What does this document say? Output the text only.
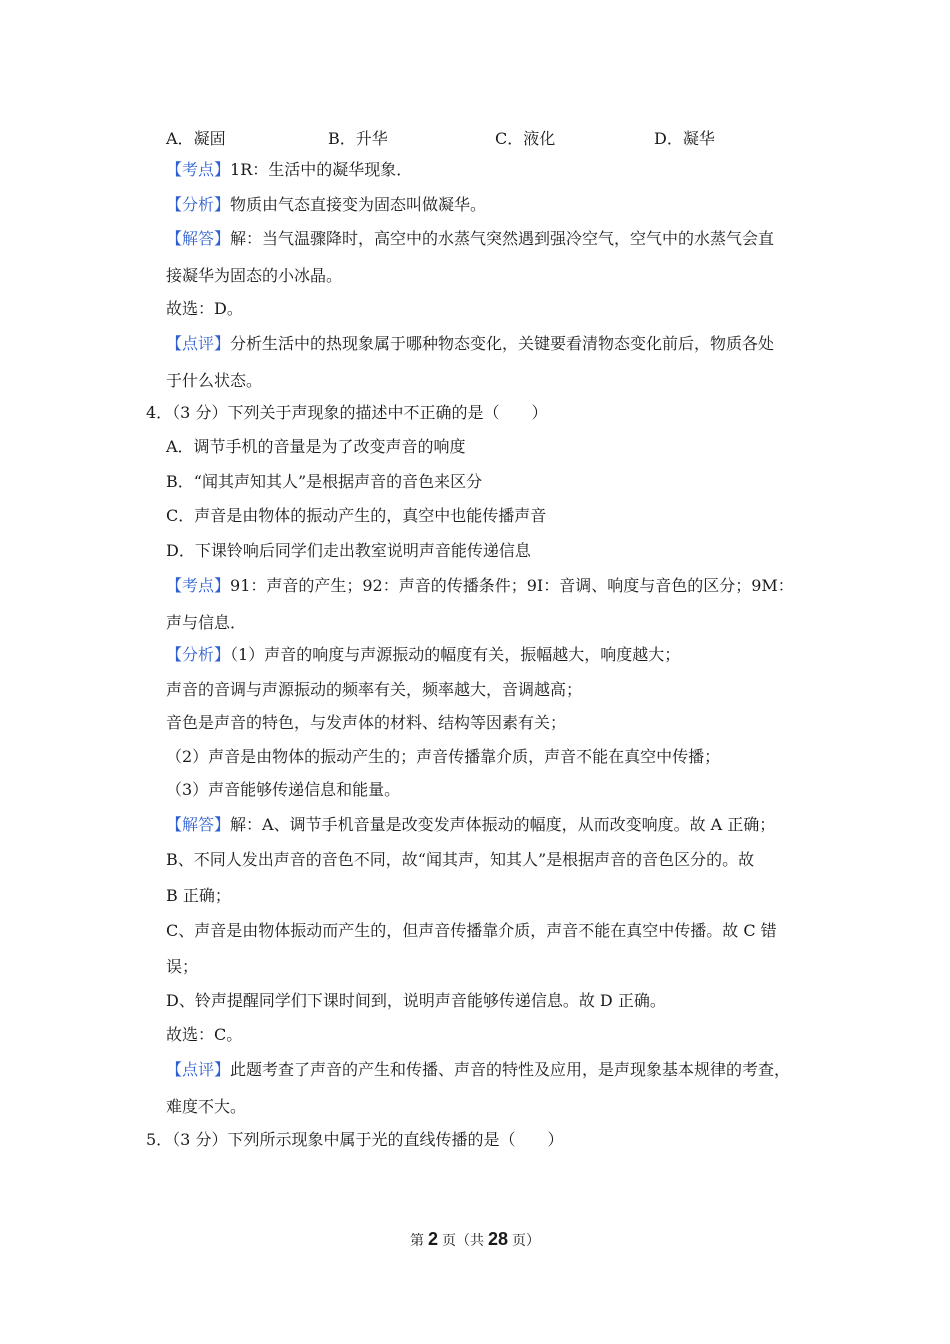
A．凝固	B．升华	C．液化	D．凝华
【考点】1R：生活中的凝华现象．
【分析】物质由气态直接变为固态叫做凝华。
【解答】解：当气温骤降时，高空中的水蒸气突然遇到强冷空气，空气中的水蒸气会直
接凝华为固态的小冰晶。
故选：D。
【点评】分析生活中的热现象属于哪种物态变化，关键要看清物态变化前后，物质各处
于什么状态。
4．（3 分）下列关于声现象的描述中不正确的是（　　）
A．调节手机的音量是为了改变声音的响度
B．“闻其声知其人”是根据声音的音色来区分
C．声音是由物体的振动产生的，真空中也能传播声音
D．下课铃响后同学们走出教室说明声音能传递信息
【考点】91：声音的产生；92：声音的传播条件；9I：音调、响度与音色的区分；9M：
声与信息．
【分析】（1）声音的响度与声源振动的幅度有关，振幅越大，响度越大；
声音的音调与声源振动的频率有关，频率越大，音调越高；
音色是声音的特色，与发声体的材料、结构等因素有关；
（2）声音是由物体的振动产生的；声音传播靠介质，声音不能在真空中传播；
（3）声音能够传递信息和能量。
【解答】解：A、调节手机音量是改变发声体振动的幅度，从而改变响度。故 A 正确；
B、不同人发出声音的音色不同，故“闻其声，知其人”是根据声音的音色区分的。故
B 正确；
C、声音是由物体振动而产生的，但声音传播靠介质，声音不能在真空中传播。故 C 错
误；
D、铃声提醒同学们下课时间到，说明声音能够传递信息。故 D 正确。
故选：C。
【点评】此题考查了声音的产生和传播、声音的特性及应用，是声现象基本规律的考查，
难度不大。
5．（3 分）下列所示现象中属于光的直线传播的是（　　）
第 2 页（共 28 页）
